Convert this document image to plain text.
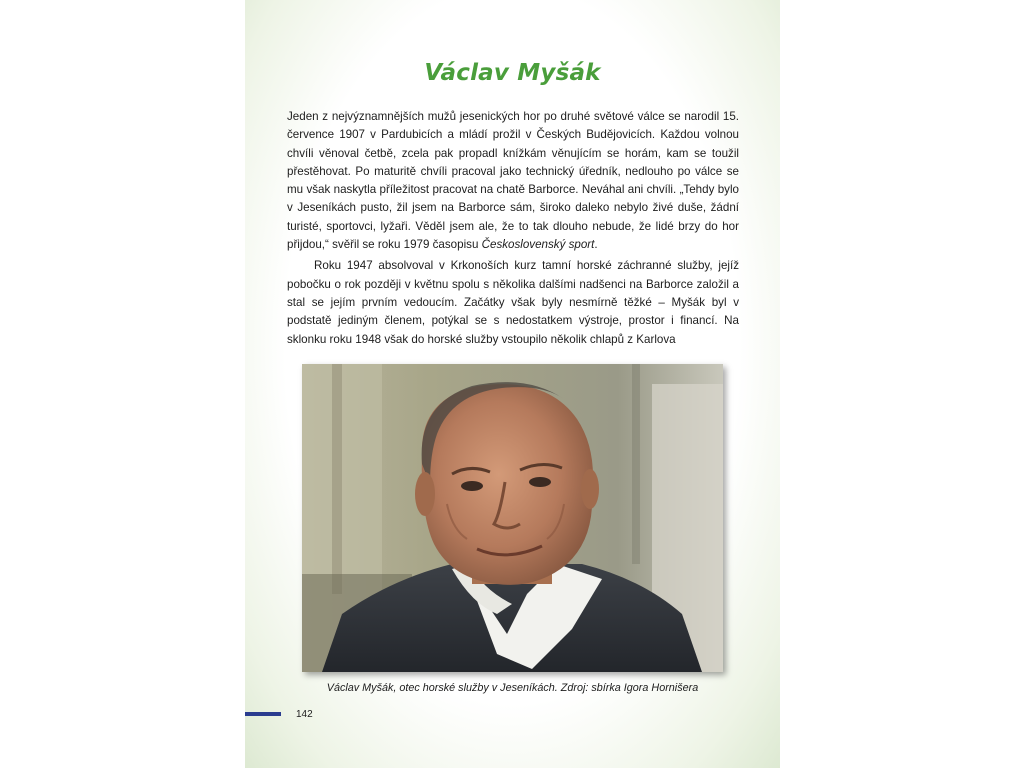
Václav Myšák

Jeden z nejvýznamnějších mužů jesenických hor po druhé světové válce se narodil 15. července 1907 v Pardubicích a mládí prožil v Českých Budějovicích. Každou volnou chvíli věnoval četbě, zcela pak propadl knížkám věnujícím se horám, kam se toužil přestěhovat. Po maturitě chvíli pracoval jako technický úředník, nedlouho po válce se mu však naskytla příležitost pracovat na chatě Barborce. Neváhal ani chvíli. „Tehdy bylo v Jeseníkách pusto, žil jsem na Barborce sám, široko daleko nebylo živé duše, žádní turisté, sportovci, lyžaři. Věděl jsem ale, že to tak dlouho nebude, že lidé brzy do hor přijdou,“ svěřil se roku 1979 časopisu Československý sport.

Roku 1947 absolvoval v Krkonoších kurz tamní horské záchranné služby, jejíž pobočku o rok později v květnu spolu s několika dalšími nadšenci na Barborce založil a stal se jejím prvním vedoucím. Začátky však byly nesmírně těžké – Myšák byl v podstatě jediným členem, potýkal se s nedostatkem výstroje, prostor i financí. Na sklonku roku 1948 však do horské služby vstoupilo několik chlapů z Karlova

Václav Myšák, otec horské služby v Jeseníkách. Zdroj: sbírka Igora Hornišera
142
